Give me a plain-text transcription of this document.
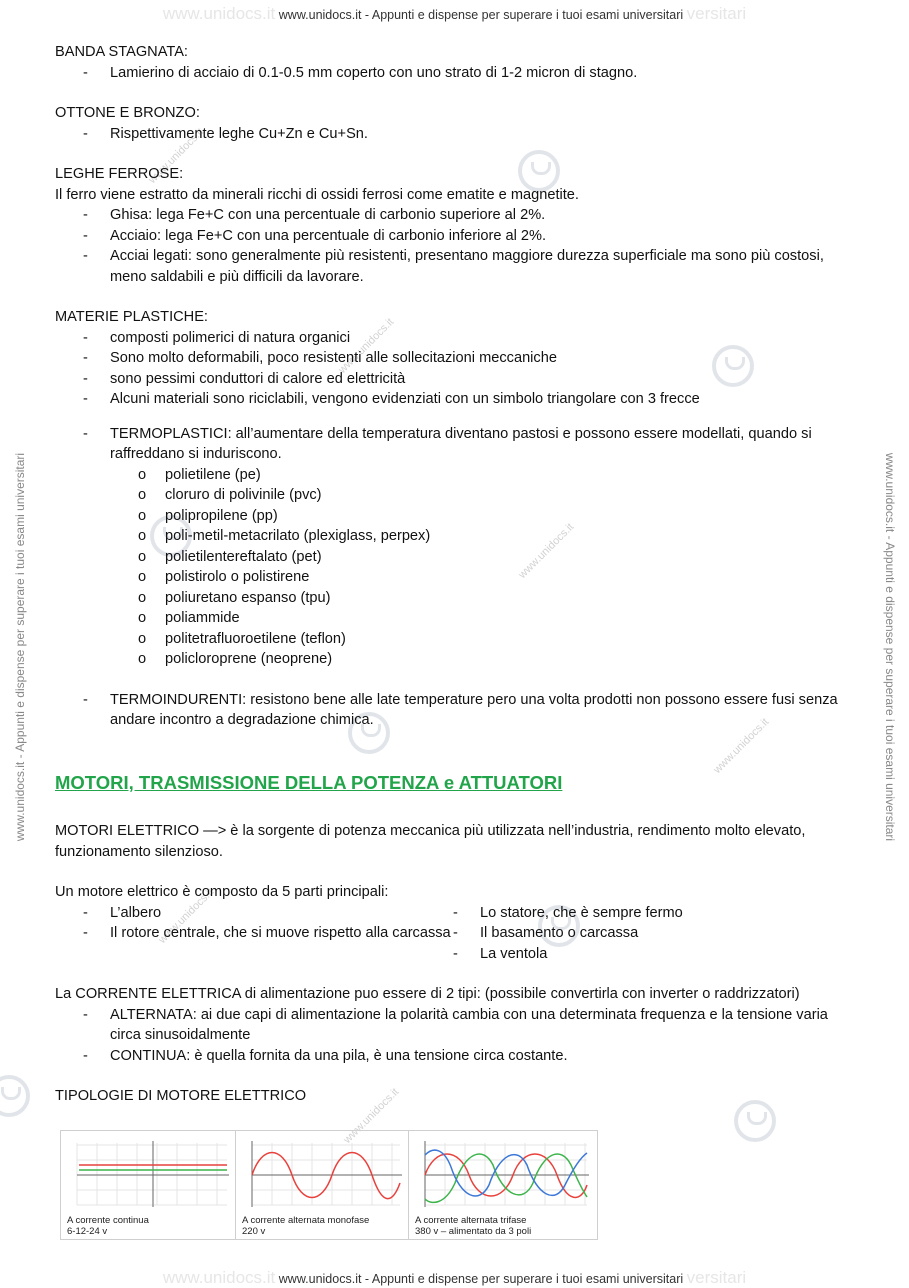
www.unidocs.it www.unidocs.it - Appunti e dispense per superare i tuoi esami universitari versitari
www.unidocs.it - Appunti e dispense per superare i tuoi esami universitari	www.unidocs.it - Appunti e dispense per superare i tuoi esami universitari
www.unidocs.it
www.unidocs.it
www.unidocs.it
www.unidocs.it
www.unidocs.it
www.unidocs.it

BANDA STAGNATA:

- Lamierino di acciaio di 0.1-0.5 mm coperto con uno strato di 1-2 micron di stagno.

OTTONE E BRONZO:

- Rispettivamente leghe Cu+Zn e Cu+Sn.

LEGHE FERROSE:

Il ferro viene estratto da minerali ricchi di ossidi ferrosi come ematite e magnetite.

- Ghisa: lega Fe+C con una percentuale di carbonio superiore al 2%.
- Acciaio: lega Fe+C con una percentuale di carbonio inferiore al 2%.
- Acciai legati: sono generalmente più resistenti, presentano maggiore durezza superficiale ma sono più costosi, meno saldabili e più difficili da lavorare.

MATERIE PLASTICHE:

- composti polimerici di natura organici
- Sono molto deformabili, poco resistenti alle sollecitazioni meccaniche
- sono pessimi conduttori di calore ed elettricità
- Alcuni materiali sono riciclabili, vengono evidenziati con un simbolo triangolare con 3 frecce
- TERMOPLASTICI: all’aumentare della temperatura diventano pastosi e possono essere modellati, quando si raffreddano si induriscono.
o polietilene (pe)
o cloruro di polivinile (pvc)
o polipropilene (pp)
o poli-metil-metacrilato (plexiglass, perpex)
o polietilentereftalato (pet)
o polistirolo o polistirene
o poliuretano espanso (tpu)
o poliammide
o politetrafluoroetilene (teflon)
o policloroprene (neoprene)
- TERMOINDURENTI: resistono bene alle late temperature pero una volta prodotti non possono essere fusi senza andare incontro a degradazione chimica.

MOTORI, TRASMISSIONE DELLA POTENZA e ATTUATORI

MOTORI ELETTRICO —> è la sorgente di potenza meccanica più utilizzata nell’industria, rendimento molto elevato, funzionamento silenzioso.

Un motore elettrico è composto da 5 parti principali:

- L’albero
- Il rotore centrale, che si muove rispetto alla carcassa
- Lo statore, che è sempre fermo
- Il basamento o carcassa
- La ventola

La CORRENTE ELETTRICA di alimentazione puo essere di 2 tipi: (possibile convertirla con inverter o raddrizzatori)

- ALTERNATA: ai due capi di alimentazione la polarità cambia con una determinata frequenza e la tensione varia circa sinusoidalmente
- CONTINUA: è quella fornita da una pila, è una tensione circa costante.

TIPOLOGIE DI MOTORE ELETTRICO

A corrente continua
6-12-24 v
A corrente alternata monofase
220 v
A corrente alternata trifase
380 v – alimentato da 3 poli
www.unidocs.it www.unidocs.it - Appunti e dispense per superare i tuoi esami universitari versitari
